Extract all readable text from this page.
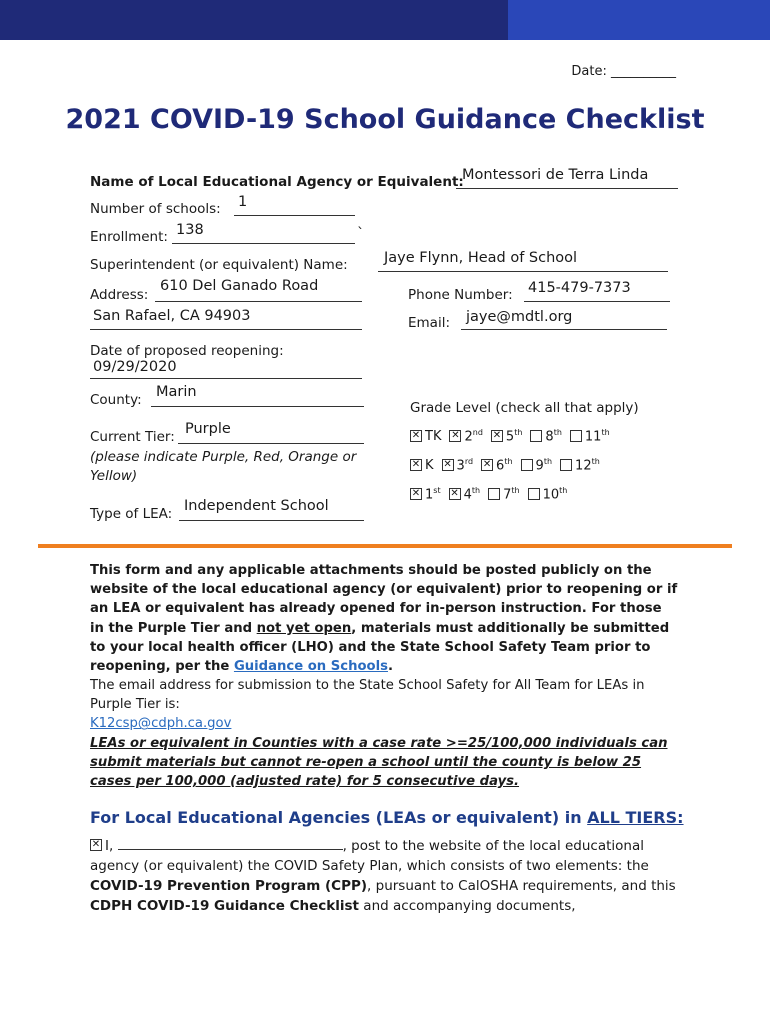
Date: __________
2021 COVID-19 School Guidance Checklist
Name of Local Educational Agency or Equivalent:
Montessori de Terra Linda
Number of schools: 1
Enrollment: 138	`
Superintendent (or equivalent) Name:	Jaye Flynn, Head of School
Address:
610 Del Ganado Road
San Rafael, CA 94903
Phone Number: 415-479-7373
Email: jaye@mdtl.org
Date of proposed reopening:
09/29/2020
County: Marin
Grade Level (check all that apply)
Current Tier: Purple
(please indicate Purple, Red, Orange or Yellow)
✕ TK ✕ 2nd ✕ 5th 8th 11th
✕ K ✕ 3rd ✕ 6th 9th 12th
✕ 1st ✕ 4th 7th 10th
Type of LEA: Independent School
This form and any applicable attachments should be posted publicly on the website of the local educational agency (or equivalent) prior to reopening or if an LEA or equivalent has already opened for in-person instruction. For those in the Purple Tier and not yet open, materials must additionally be submitted to your local health officer (LHO) and the State School Safety Team prior to reopening, per the Guidance on Schools.
The email address for submission to the State School Safety for All Team for LEAs in Purple Tier is:
K12csp@cdph.ca.gov
LEAs or equivalent in Counties with a case rate >=25/100,000 individuals can submit materials but cannot re-open a school until the county is below 25 cases per 100,000 (adjusted rate) for 5 consecutive days.
For Local Educational Agencies (LEAs or equivalent) in ALL TIERS:
✕ I,	, post to the website of the local educational agency (or equivalent) the COVID Safety Plan, which consists of two elements: the COVID-19 Prevention Program (CPP), pursuant to CalOSHA requirements, and this CDPH COVID-19 Guidance Checklist and accompanying documents,
